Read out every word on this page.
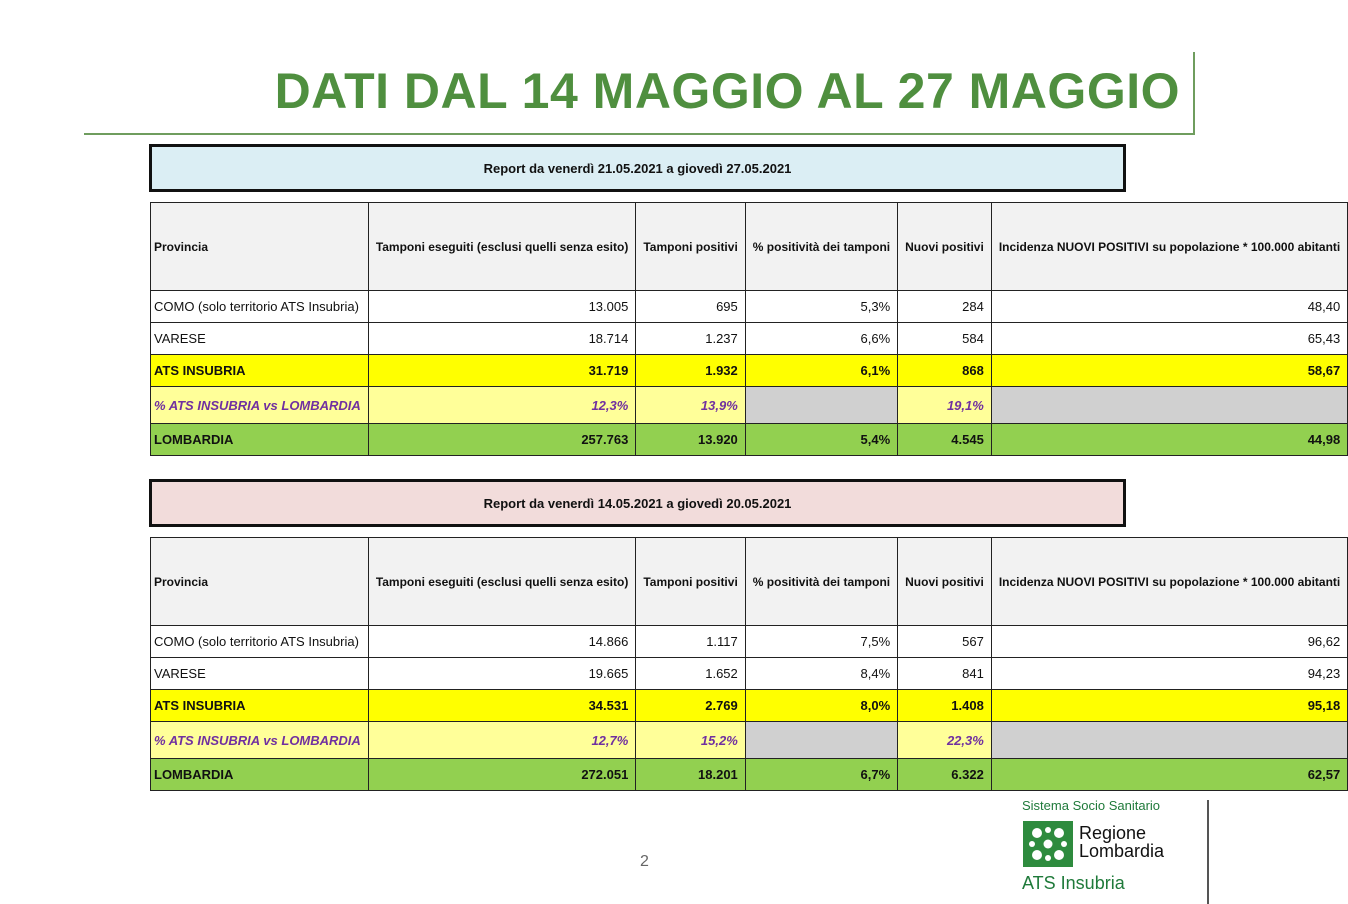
DATI DAL 14 MAGGIO AL 27 MAGGIO
Report da venerdì 21.05.2021 a giovedì 27.05.2021
Provincia	Tamponi eseguiti (esclusi quelli senza esito)	Tamponi positivi	% positività dei tamponi	Nuovi positivi	Incidenza NUOVI POSITIVI su popolazione * 100.000 abitanti
COMO (solo territorio ATS Insubria)	13.005	695	5,3%	284	48,40
VARESE	18.714	1.237	6,6%	584	65,43
ATS INSUBRIA	31.719	1.932	6,1%	868	58,67
% ATS INSUBRIA vs LOMBARDIA	12,3%	13,9%		19,1%	
LOMBARDIA	257.763	13.920	5,4%	4.545	44,98
Report da venerdì 14.05.2021 a giovedì 20.05.2021
Provincia	Tamponi eseguiti (esclusi quelli senza esito)	Tamponi positivi	% positività dei tamponi	Nuovi positivi	Incidenza NUOVI POSITIVI su popolazione * 100.000 abitanti
COMO (solo territorio ATS Insubria)	14.866	1.117	7,5%	567	96,62
VARESE	19.665	1.652	8,4%	841	94,23
ATS INSUBRIA	34.531	2.769	8,0%	1.408	95,18
% ATS INSUBRIA vs LOMBARDIA	12,7%	15,2%		22,3%	
LOMBARDIA	272.051	18.201	6,7%	6.322	62,57
2
Sistema Socio Sanitario
Regione
Lombardia
ATS Insubria
